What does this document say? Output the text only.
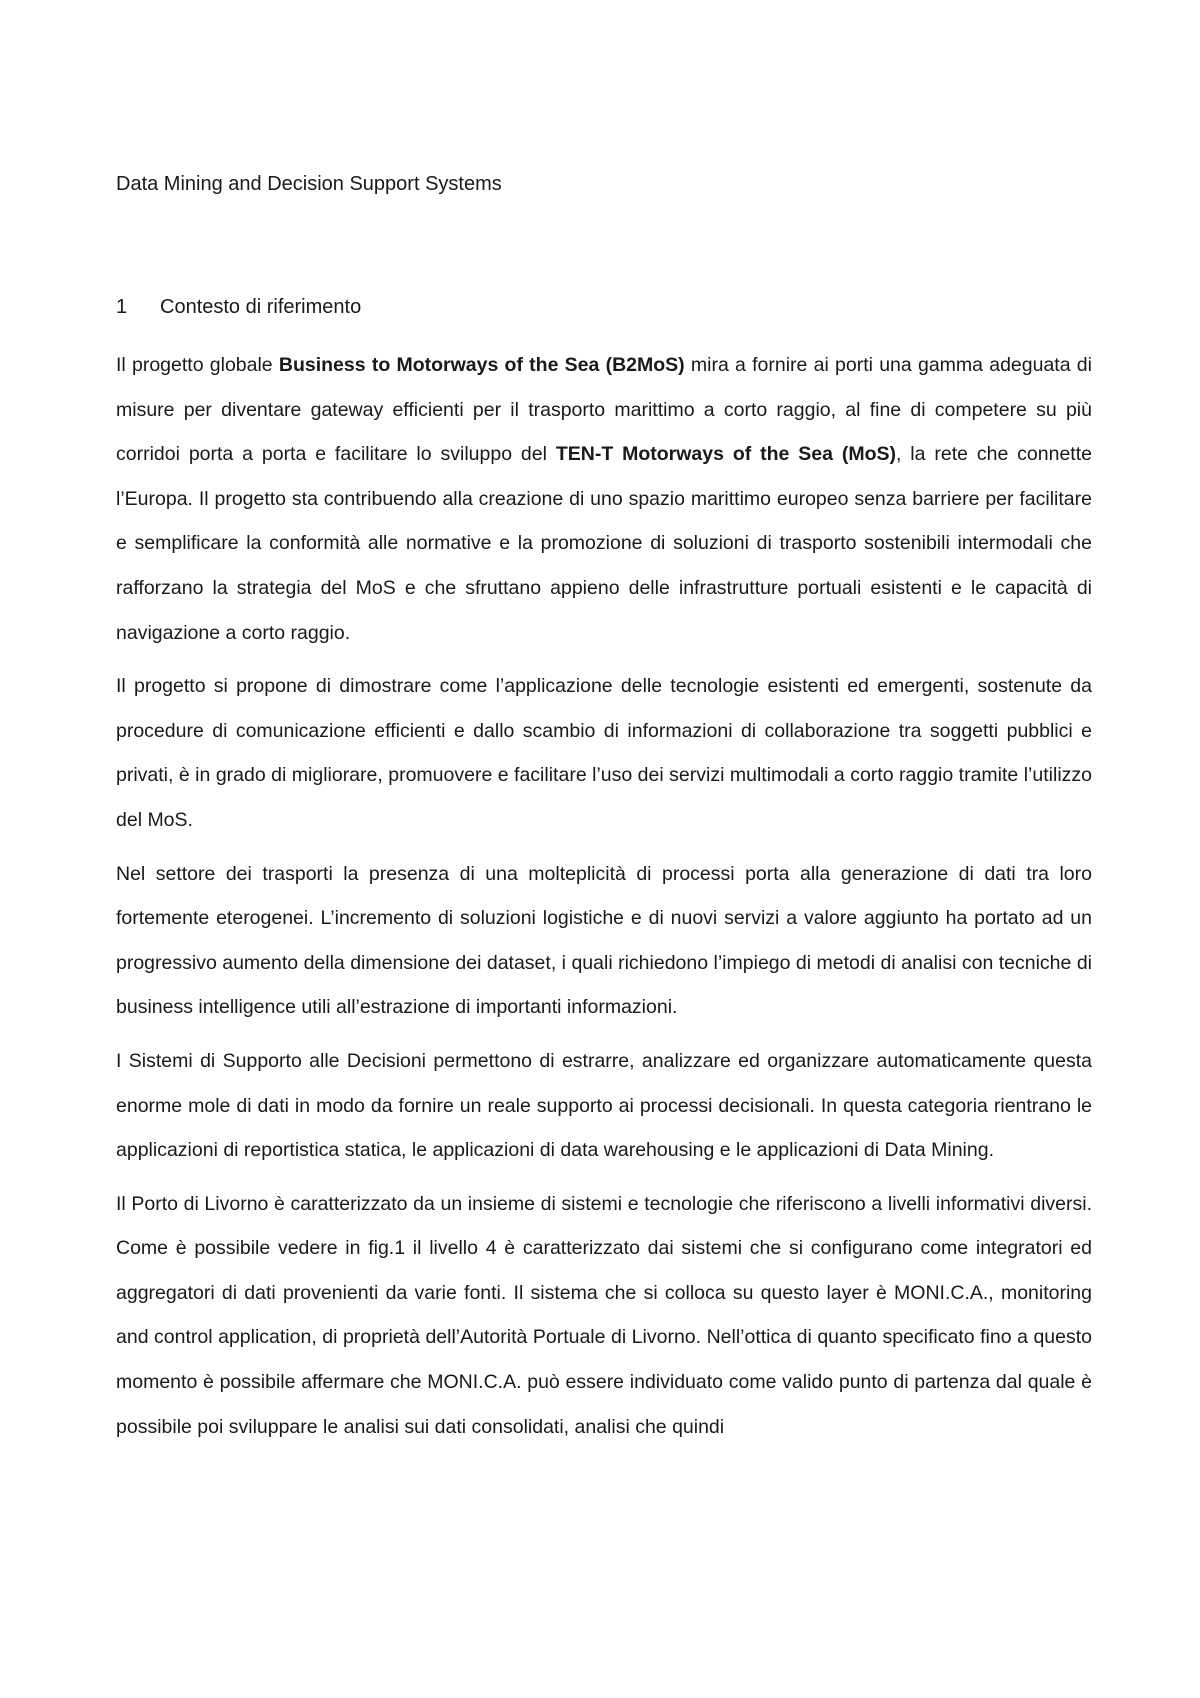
Data Mining and Decision Support Systems
1 Contesto di riferimento

Il progetto globale Business to Motorways of the Sea (B2MoS) mira a fornire ai porti una gamma adeguata di misure per diventare gateway efficienti per il trasporto marittimo a corto raggio, al fine di competere su più corridoi porta a porta e facilitare lo sviluppo del TEN-T Motorways of the Sea (MoS), la rete che connette l’Europa. Il progetto sta contribuendo alla creazione di uno spazio marittimo europeo senza barriere per facilitare e semplificare la conformità alle normative e la promozione di soluzioni di trasporto sostenibili intermodali che rafforzano la strategia del MoS e che sfruttano appieno delle infrastrutture portuali esistenti e le capacità di navigazione a corto raggio.

Il progetto si propone di dimostrare come l’applicazione delle tecnologie esistenti ed emergenti, sostenute da procedure di comunicazione efficienti e dallo scambio di informazioni di collaborazione tra soggetti pubblici e privati, è in grado di migliorare, promuovere e facilitare l’uso dei servizi multimodali a corto raggio tramite l’utilizzo del MoS.

Nel settore dei trasporti la presenza di una molteplicità di processi porta alla generazione di dati tra loro fortemente eterogenei. L’incremento di soluzioni logistiche e di nuovi servizi a valore aggiunto ha portato ad un progressivo aumento della dimensione dei dataset, i quali richiedono l’impiego di metodi di analisi con tecniche di business intelligence utili all’estrazione di importanti informazioni.

I Sistemi di Supporto alle Decisioni permettono di estrarre, analizzare ed organizzare automaticamente questa enorme mole di dati in modo da fornire un reale supporto ai processi decisionali. In questa categoria rientrano le applicazioni di reportistica statica, le applicazioni di data warehousing e le applicazioni di Data Mining.

Il Porto di Livorno è caratterizzato da un insieme di sistemi e tecnologie che riferiscono a livelli informativi diversi. Come è possibile vedere in fig.1 il livello 4 è caratterizzato dai sistemi che si configurano come integratori ed aggregatori di dati provenienti da varie fonti. Il sistema che si colloca su questo layer è MONI.C.A., monitoring and control application, di proprietà dell’Autorità Portuale di Livorno. Nell’ottica di quanto specificato fino a questo momento è possibile affermare che MONI.C.A. può essere individuato come valido punto di partenza dal quale è possibile poi sviluppare le analisi sui dati consolidati, analisi che quindi
